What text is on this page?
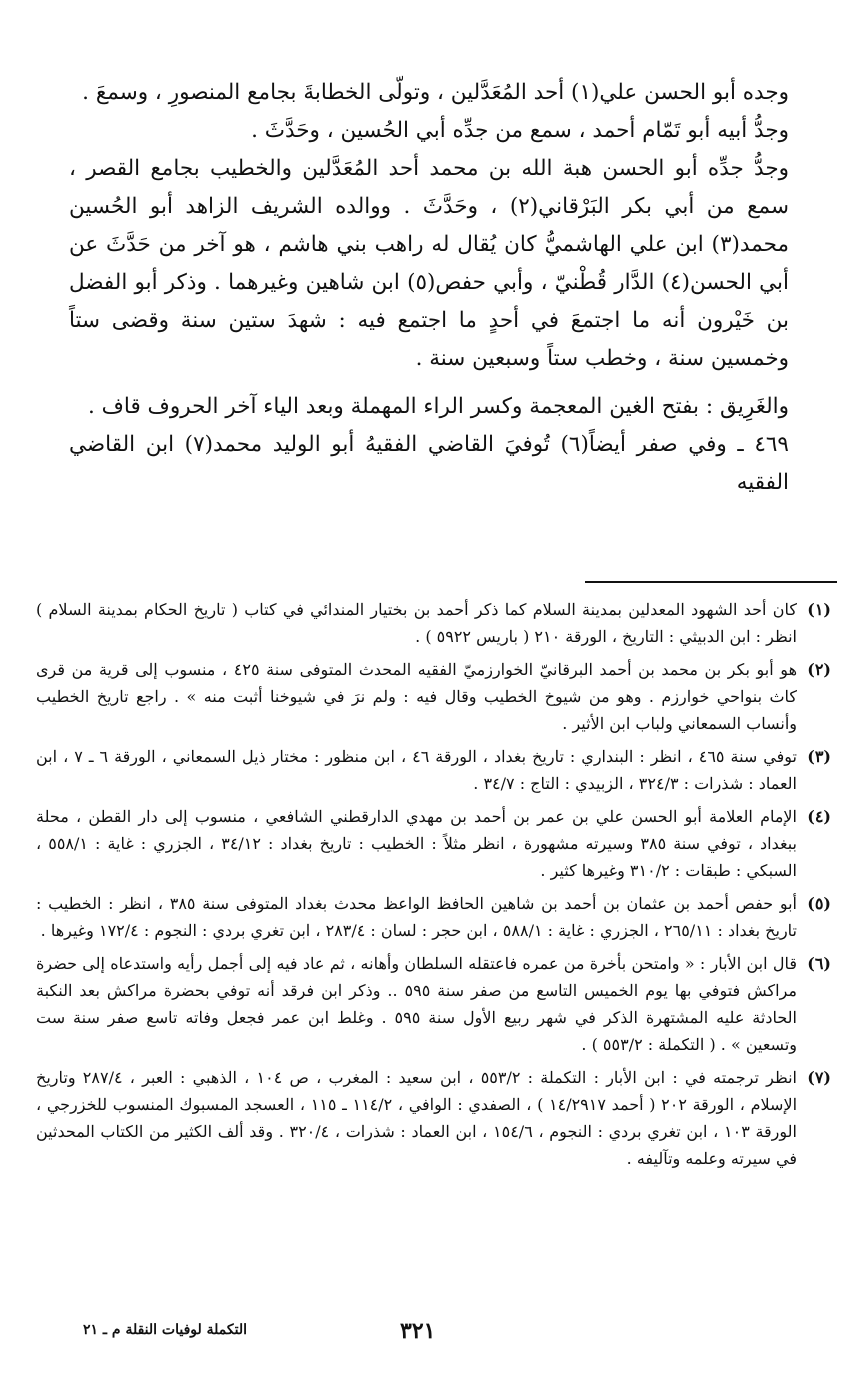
وجده أبو الحسن علي(١) أحد المُعَدَّلين ، وتولّى الخطابةَ بجامع المنصورِ ، وسمعَ .

وجدُّ أبيه أبو تَمّام أحمد ، سمع من جدِّه أبي الحُسين ، وحَدَّثَ .

وجدُّ جدِّه أبو الحسن هبة الله بن محمد أحد المُعَدَّلين والخطيب بجامع القصر ، سمع من أبي بكر البَرْقاني(٢) ، وحَدَّثَ . ووالده الشريف الزاهد أبو الحُسين محمد(٣) ابن علي الهاشميُّ كان يُقال له راهب بني هاشم ، هو آخر من حَدَّثَ عن أبي الحسن(٤) الدَّار قُطْنيّ ، وأبي حفص(٥) ابن شاهين وغيرهما . وذكر أبو الفضل بن خَيْرون أنه ما اجتمعَ في أحدٍ ما اجتمع فيه : شهدَ ستين سنة وقضى ستاً وخمسين سنة ، وخطب ستاً وسبعين سنة .

والغَرِيق : بفتح الغين المعجمة وكسر الراء المهملة وبعد الياء آخر الحروف قاف .

٤٦٩ ـ وفي صفر أيضاً(٦) تُوفيَ القاضي الفقيهُ أبو الوليد محمد(٧) ابن القاضي الفقيه

(١)
كان أحد الشهود المعدلين بمدينة السلام كما ذكر أحمد بن بختيار المندائي في كتاب ( تاريخ الحكام بمدينة السلام ) انظر : ابن الدبيثي : التاريخ ، الورقة ٢١٠ ( باريس ٥٩٢٢ ) .
(٢)
هو أبو بكر بن محمد بن أحمد البرقانيّ الخوارزميّ الفقيه المحدث المتوفى سنة ٤٢٥ ، منسوب إلى قرية من قرى كاث بنواحي خوارزم . وهو من شيوخ الخطيب وقال فيه : ولم نرَ في شيوخنا أثبت منه » . راجع تاريخ الخطيب وأنساب السمعاني ولباب ابن الأثير .
(٣)
توفي سنة ٤٦٥ ، انظر : البنداري : تاريخ بغداد ، الورقة ٤٦ ، ابن منظور : مختار ذيل السمعاني ، الورقة ٦ ـ ٧ ، ابن العماد : شذرات : ٣٢٤/٣ ، الزبيدي : التاج : ٣٤/٧ .
(٤)
الإمام العلامة أبو الحسن علي بن عمر بن أحمد بن مهدي الدارقطني الشافعي ، منسوب إلى دار القطن ، محلة ببغداد ، توفي سنة ٣٨٥ وسيرته مشهورة ، انظر مثلاً : الخطيب : تاريخ بغداد : ٣٤/١٢ ، الجزري : غاية : ٥٥٨/١ ، السبكي : طبقات : ٣١٠/٢ وغيرها كثير .
(٥)
أبو حفص أحمد بن عثمان بن أحمد بن شاهين الحافظ الواعظ محدث بغداد المتوفى سنة ٣٨٥ ، انظر : الخطيب : تاريخ بغداد : ٢٦٥/١١ ، الجزري : غاية : ٥٨٨/١ ، ابن حجر : لسان : ٢٨٣/٤ ، ابن تغري بردي : النجوم : ١٧٢/٤ وغيرها .
(٦)
قال ابن الأبار : « وامتحن بأخرة من عمره فاعتقله السلطان وأهانه ، ثم عاد فيه إلى أجمل رأيه واستدعاه إلى حضرة مراكش فتوفي بها يوم الخميس التاسع من صفر سنة ٥٩٥ .. وذكر ابن فرقد أنه توفي بحضرة مراكش بعد النكبة الحادثة عليه المشتهرة الذكر في شهر ربيع الأول سنة ٥٩٥ . وغلط ابن عمر فجعل وفاته تاسع صفر سنة ست وتسعين » . ( التكملة : ٥٥٣/٢ ) .
(٧)
انظر ترجمته في : ابن الأبار : التكملة : ٥٥٣/٢ ، ابن سعيد : المغرب ، ص ١٠٤ ، الذهبي : العبر ، ٢٨٧/٤ وتاريخ الإسلام ، الورقة ٢٠٢ ( أحمد ١٤/٢٩١٧ ) ، الصفدي : الوافي ، ١١٤/٢ ـ ١١٥ ، العسجد المسبوك المنسوب للخزرجي ، الورقة ١٠٣ ، ابن تغري بردي : النجوم ، ١٥٤/٦ ، ابن العماد : شذرات ، ٣٢٠/٤ . وقد ألف الكثير من الكتاب المحدثين في سيرته وعلمه وتآليفه .
التكملة لوفيات النقلة م ـ ٢١	٣٢١
